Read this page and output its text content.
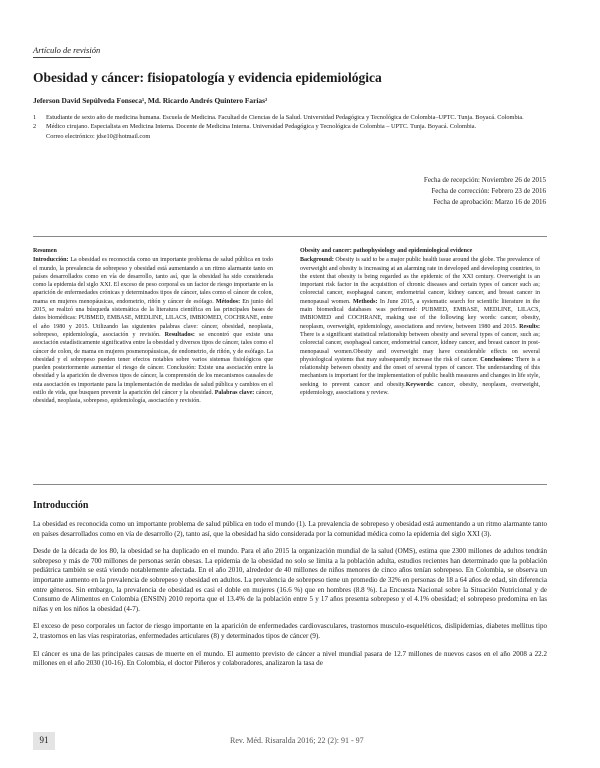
Artículo de revisión
Obesidad y cáncer: fisiopatología y evidencia epidemiológica
Jeferson David Sepúlveda Fonseca¹, Md. Ricardo Andrés Quintero Farías²
1	Estudiante de sexto año de medicina humana. Escuela de Medicina. Facultad de Ciencias de la Salud. Universidad Pedagógica y Tecnológica de Colombia–UPTC. Tunja. Boyacá. Colombia.
2	Médico cirujano. Especialista en Medicina Interna. Docente de Medicina Interna. Universidad Pedagógica y Tecnológica de Colombia – UPTC. Tunja. Boyacá. Colombia.
Correo electrónico: jdse10@hotmail.com
Fecha de recepción: Noviembre 26 de 2015
Fecha de corrección: Febrero 23 de 2016
Fecha de aprobación: Marzo 16 de 2016
Resumen

Introducción: La obesidad es reconocida como un importante problema de salud pública en todo el mundo, la prevalencia de sobrepeso y obesidad está aumentando a un ritmo alarmante tanto en países desarrollados como en vía de desarrollo, tanto así, que la obesidad ha sido considerada como la epidemia del siglo XXI. El exceso de peso corporal es un factor de riesgo importante en la aparición de enfermedades crónicas y determinados tipos de cáncer, tales como el cáncer de colon, mama en mujeres menopáusicas, endometrio, riñón y cáncer de esófago. Métodos: En junio del 2015, se realizó una búsqueda sistemática de la literatura científica en las principales bases de datos biomédicas: PUBMED, EMBASE, MEDLINE, LILACS, IMBIOMED, COCHRANE, entre el año 1980 y 2015. Utilizando las siguientes palabras clave: cáncer, obesidad, neoplasia, sobrepeso, epidemiología, asociación y revisión. Resultados: se encontró que existe una asociación estadísticamente significativa entre la obesidad y diversos tipos de cáncer, tales como el cáncer de colon, de mama en mujeres posmenopáusicas, de endometrio, de riñón, y de esófago. La obesidad y el sobrepeso pueden tener efectos notables sobre varios sistemas fisiológicos que pueden posteriormente aumentar el riesgo de cáncer. Conclusión: Existe una asociación entre la obesidad y la aparición de diversos tipos de cáncer, la comprensión de los mecanismos causales de esta asociación es importante para la implementación de medidas de salud pública y cambios en el estilo de vida, que busquen prevenir la aparición del cáncer y la obesidad. Palabras clave: cáncer, obesidad, neoplasia, sobrepeso, epidemiología, asociación y revisión.

Obesity and cancer: pathophysiology and epidemiological evidence

Background: Obesity is said to be a major public health issue around the globe. The prevalence of overweight and obesity is increasing at an alarming rate in developed and developing countries, to the extent that obesity is being regarded as the epidemic of the XXI century. Overweight is an important risk factor in the acquisition of chronic diseases and certain types of cancer such as; colorectal cancer, esophageal cancer, endometrial cancer, kidney cancer, and breast cancer in menopausal women. Methods: In June 2015, a systematic search for scientific literature in the main biomedical databases was performed: PUBMED, EMBASE, MEDLINE, LILACS, IMBIOMED and COCHRANE, making use of the following key words: cancer, obesity, neoplasm, overweight, epidemiology, associations and review, between 1980 and 2015. Results: There is a significant statistical relationship between obesity and several types of cancer, such as; colorectal cancer, esophageal cancer, endometrial cancer, kidney cancer, and breast cancer in post-menopausal women.Obesity and overweight may have considerable effects on several physiological systems that may subsequently increase the risk of cancer. Conclusions: There is a relationship between obesity and the onset of several types of cancer. The understanding of this mechanism is important for the implementation of public health measures and changes in life style, seeking to prevent cancer and obesity.Keywords: cancer, obesity, neoplasm, overweight, epidemiology, associations y review.

Introducción

La obesidad es reconocida como un importante problema de salud pública en todo el mundo (1). La prevalencia de sobrepeso y obesidad está aumentando a un ritmo alarmante tanto en países desarrollados como en vía de desarrollo (2), tanto así, que la obesidad ha sido considerada por la comunidad médica como la epidemia del siglo XXI (3).

Desde de la década de los 80, la obesidad se ha duplicado en el mundo. Para el año 2015 la organización mundial de la salud (OMS), estima que 2300 millones de adultos tendrán sobrepeso y más de 700 millones de personas serán obesas. La epidemia de la obesidad no solo se limita a la población adulta, estudios recientes han determinado que la población pediátrica también se está viendo notablemente afectada. En el año 2010, alrededor de 40 millones de niños menores de cinco años tenían sobrepeso. En Colombia, se observa un importante aumento en la prevalencia de sobrepeso y obesidad en adultos. La prevalencia de sobrepeso tiene un promedio de 32% en personas de 18 a 64 años de edad, sin diferencia entre géneros. Sin embargo, la prevalencia de obesidad es casi el doble en mujeres (16.6 %) que en hombres (8.8 %). La Encuesta Nacional sobre la Situación Nutricional y de Consumo de Alimentos en Colombia (ENSIN) 2010 reporta que el 13.4% de la población entre 5 y 17 años presenta sobrepeso y el 4.1% obesidad; el sobrepeso predomina en las niñas y en los niños la obesidad (4-7).

El exceso de peso corporales un factor de riesgo importante en la aparición de enfermedades cardiovasculares, trastornos musculo-esqueléticos, dislipidemias, diabetes mellitus tipo 2, trastornos en las vías respiratorias, enfermedades articulares (8) y determinados tipos de cáncer (9).

El cáncer es una de las principales causas de muerte en el mundo. El aumento previsto de cáncer a nivel mundial pasara de 12.7 millones de nuevos casos en el año 2008 a 22.2 millones en el año 2030 (10-16). En Colombia, el doctor Piñeros y colaboradores, analizaron la tasa de

91	Rev. Méd. Risaralda 2016; 22 (2): 91 - 97
